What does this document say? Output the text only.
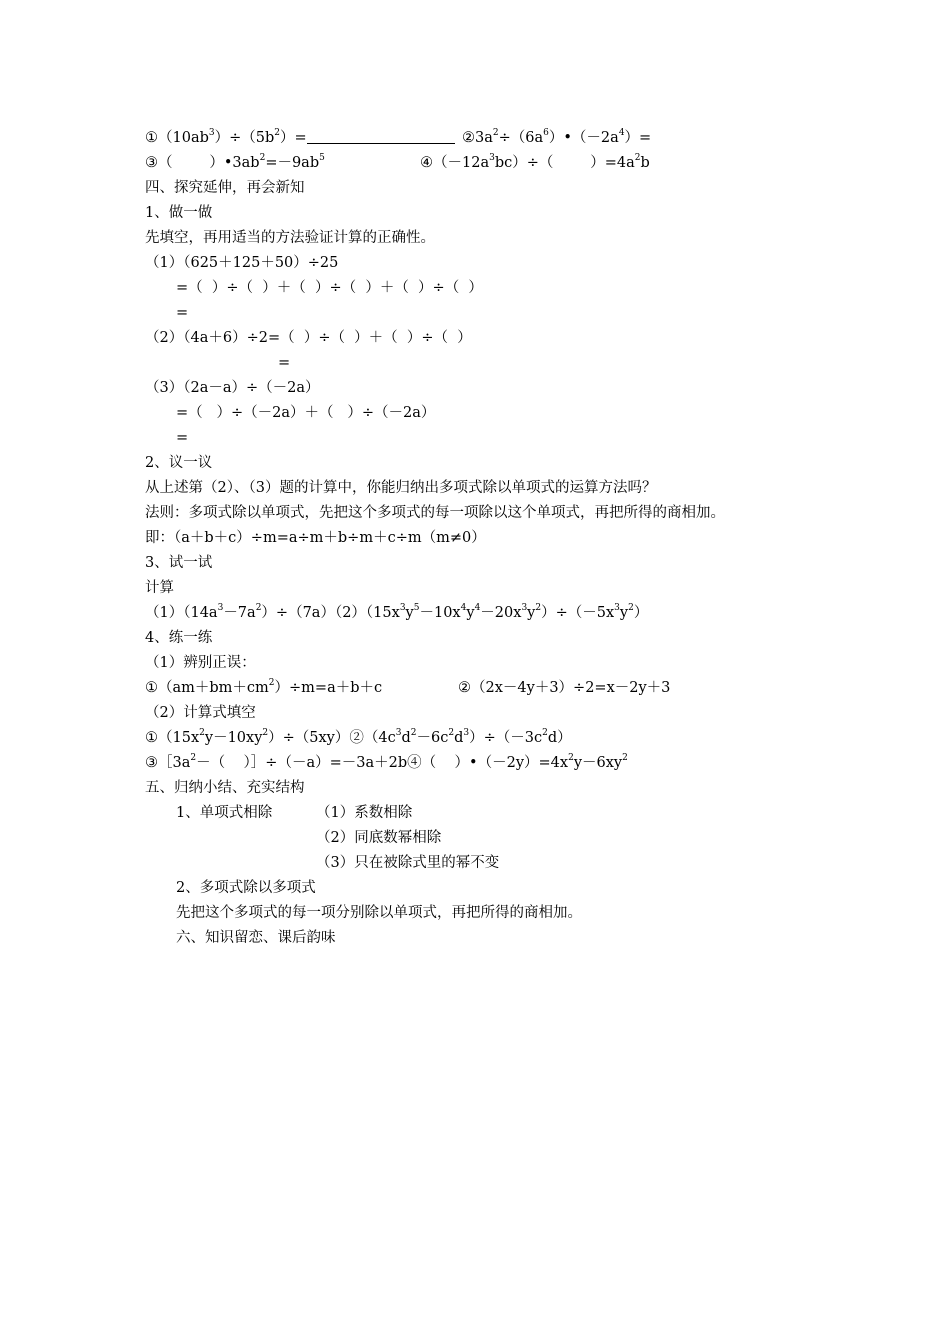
$①(10ab^3)\div(5b^2)=$	$②3a^2\div(6a^6)•(-2a^4)=$
③（        ）$•3ab^2=-9ab^5$	$④(-12a^3bc)\div$（        ）$=4a^2b$
四、探究延伸，再会新知
1、做一做
先填空，再用适当的方法验证计算的正确性。
（1）（625＋125＋50）÷25
=（  ）÷（  ）＋（  ）÷（  ）＋（  ）÷（  ）
=
（2）（4a＋6）÷2=（  ）÷（  ）＋（  ）÷（  ）
=
（3）（2a－a）÷（－2a）
=（   ）÷（－2a）＋（   ）÷（－2a）
=
2、议一议
从上述第（2）、（3）题的计算中，你能归纳出多项式除以单项式的运算方法吗？
法则：多项式除以单项式，先把这个多项式的每一项除以这个单项式，再把所得的商相加。
即：（a＋b＋c）÷m=a÷m＋b÷m＋c÷m（m≠0）
3、试一试
计算
$(1)(14a^3-7a^2)\div(7a)(2)(15x^3y^5-10x^4y^4-20x^3y^2)\div(-5x^3y^2)$
4、练一练
（1）辨别正误：
$①(am+bm+cm^2)\div m=a+b+c$	②（2x－4y＋3）÷2=x－2y＋3
（2）计算式填空
$①(15x^2y-10xy^2)\div(5xy)②(4c^3d^2-6c^2d^3)\div(-3c^2d)$
$③[3a^2-$（    ）］÷（－a）=－3a＋2b④（    ）$•(-2y)=4x^2y-6xy^2$
五、归纳小结、充实结构
1、单项式相除	（1）系数相除
（2）同底数幂相除
（3）只在被除式里的幂不变
2、多项式除以多项式
先把这个多项式的每一项分别除以单项式，再把所得的商相加。
六、知识留恋、课后韵味
